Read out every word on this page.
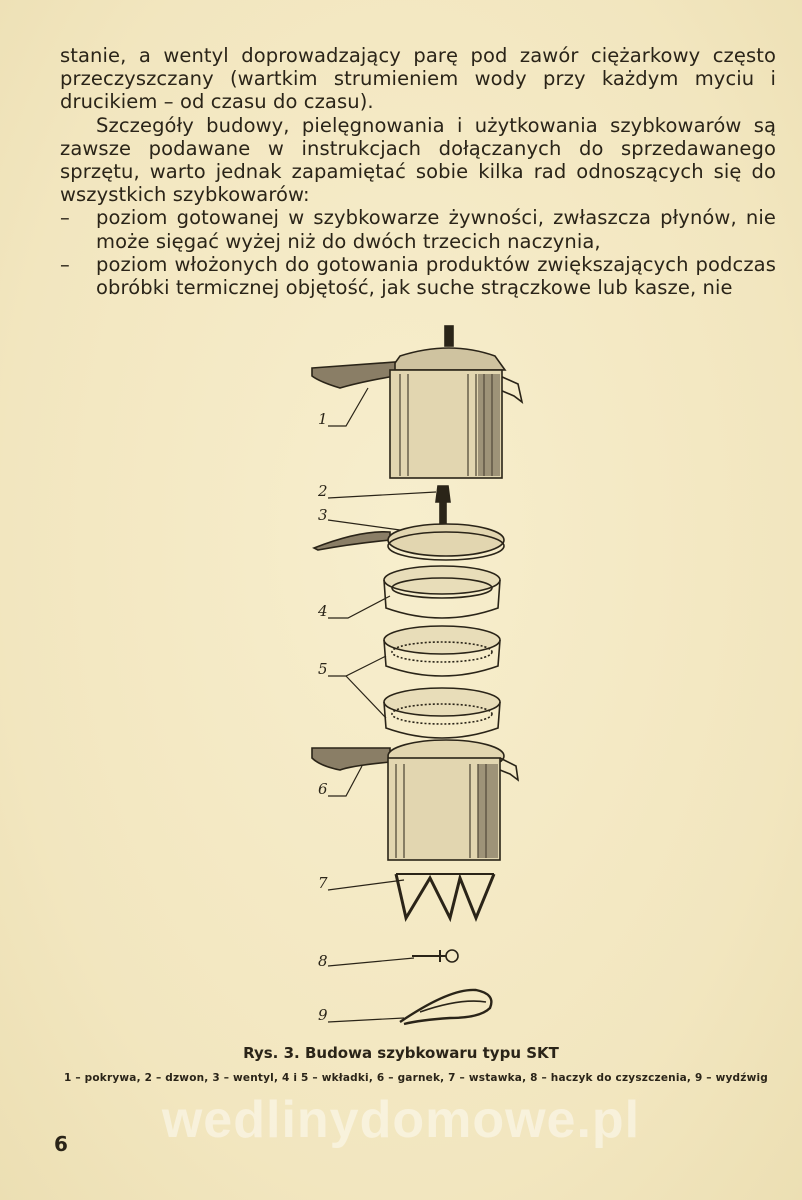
stanie, a wentyl doprowadzający parę pod zawór ciężarkowy często przeczyszczany (wartkim strumieniem wody przy każdym myciu i drucikiem – od czasu do czasu).

Szczegóły budowy, pielęgnowania i użytkowania szybkowarów są zawsze podawane w instrukcjach dołączanych do sprzedawanego sprzętu, warto jednak zapamiętać sobie kilka rad odnoszących się do wszystkich szybkowarów:

–	poziom gotowanej w szybkowarze żywności, zwłaszcza płynów, nie może sięgać wyżej niż do dwóch trzecich naczynia,
–	poziom włożonych do gotowania produktów zwiększających podczas obróbki termicznej objętość, jak suche strączkowe lub kasze, nie
1
2
3
4
5
6
7
8
9
Rys. 3. Budowa szybkowaru typu SKT
1 – pokrywa, 2 – dzwon, 3 – wentyl, 4 i 5 – wkładki, 6 – garnek, 7 – wstawka, 8 – haczyk do czyszczenia, 9 – wydźwig
wedlinydomowe.pl
6
